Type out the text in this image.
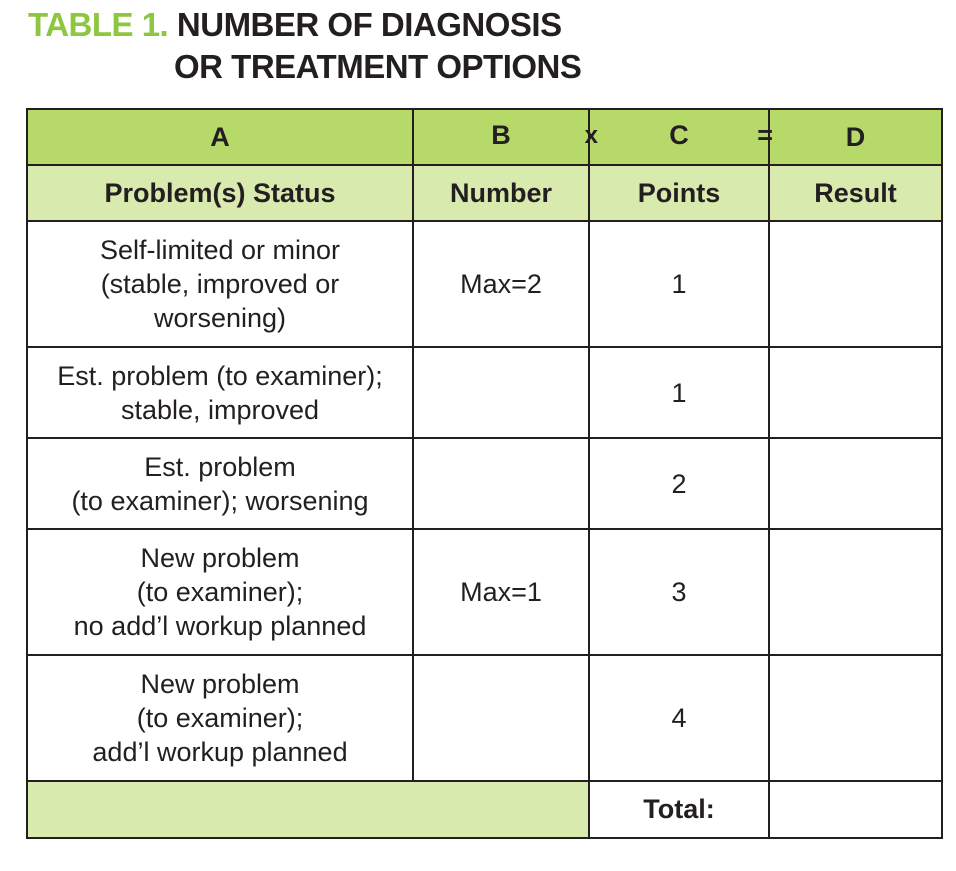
TABLE 1. NUMBER OF DIAGNOSIS
OR TREATMENT OPTIONS
A	B x	C =	D
Problem(s) Status	Number	Points	Result

Self-limited or minor
(stable, improved or
worsening)	Max=2	1	

Est. problem (to examiner);
stable, improved		1	

Est. problem
(to examiner); worsening		2	

New problem
(to examiner);
no add’l workup planned	Max=1	3	

New problem
(to examiner);
add’l workup planned		4	
		Total:	
